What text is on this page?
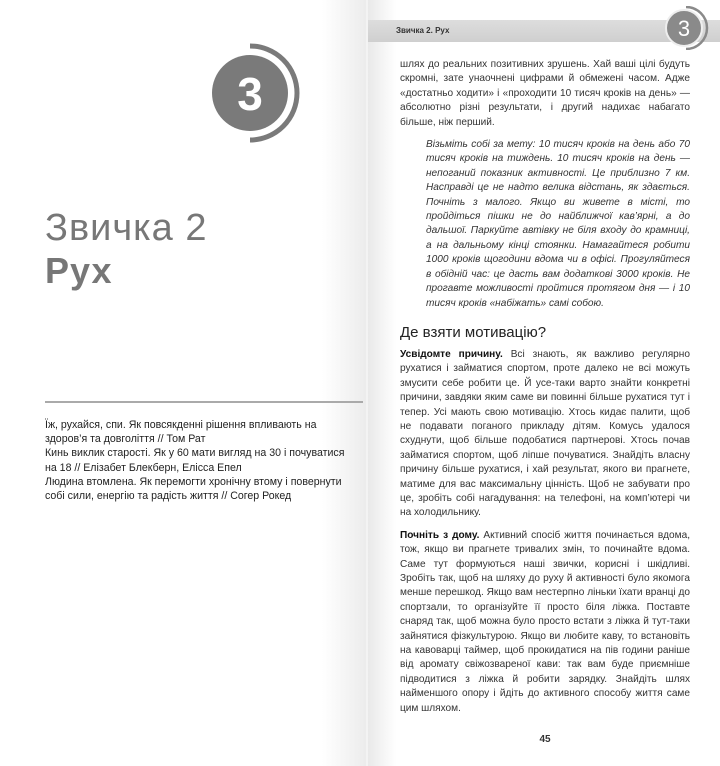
3
Звичка 2
Рух
Їж, рухайся, спи. Як повсякденні рішення впливають на здоров’я та довголіття // Том Рат
Кинь виклик старості. Як у 60 мати вигляд на 30 і почуватися на 18 // Елізабет Блекберн, Елісса Епел
Людина втомлена. Як перемогти хронічну втому і повернути собі сили, енергію та радість життя // Согер Рокед
Звичка 2. Рух	3

шлях до реальних позитивних зрушень. Хай ваші цілі будуть скромні, зате унаочнені цифрами й обмежені часом. Адже «достатньо ходити» і «проходити 10 тисяч кроків на день» — абсолютно різні результати, і другий надихає набагато більше, ніж перший.

Візьміть собі за мету: 10 тисяч кроків на день або 70 тисяч кроків на тиждень. 10 тисяч кроків на день — непоганий показник активності. Це приблизно 7 км. Насправді це не надто велика відстань, як здається. Почніть з малого. Якщо ви живете в місті, то пройдіться пішки не до найближчої кав’ярні, а до дальшої. Паркуйте автівку не біля входу до крамниці, а на дальньому кінці стоянки. Намагайтеся робити 1000 кроків щогодини вдома чи в офісі. Прогуляйтеся в обідній час: це дасть вам додаткові 3000 кроків. Не прогавте можливості пройтися протягом дня — і 10 тисяч кроків «набіжать» самі собою.

Де взяти мотивацію?

Усвідомте причину. Всі знають, як важливо регулярно рухатися і займатися спортом, проте далеко не всі можуть змусити себе робити це. Й усе-таки варто знайти конкретні причини, завдяки яким саме ви повинні більше рухатися тут і тепер. Усі мають свою мотивацію. Хтось кидає палити, щоб не подавати поганого прикладу дітям. Комусь удалося схуднути, щоб більше подобатися партнерові. Хтось почав займатися спортом, щоб ліпше почуватися. Знайдіть власну причину більше рухатися, і хай результат, якого ви прагнете, матиме для вас максимальну цінність. Щоб не забувати про це, зробіть собі нагадування: на телефоні, на комп’ютері чи на холодильнику.

Почніть з дому. Активний спосіб життя починається вдома, тож, якщо ви прагнете тривалих змін, то починайте вдома. Саме тут формуються наші звички, корисні і шкідливі. Зробіть так, щоб на шляху до руху й активності було якомога менше перешкод. Якщо вам нестерпно ліньки їхати вранці до спортзали, то організуйте її просто біля ліжка. Поставте снаряд так, щоб можна було просто встати з ліжка й тут-таки зайнятися фізкультурою. Якщо ви любите каву, то встановіть на кавоварці таймер, щоб прокидатися на пів години раніше від аромату свіжозвареної кави: так вам буде приємніше підводитися з ліжка й робити зарядку. Знайдіть шлях найменшого опору і йдіть до активного способу життя саме цим шляхом.

45
